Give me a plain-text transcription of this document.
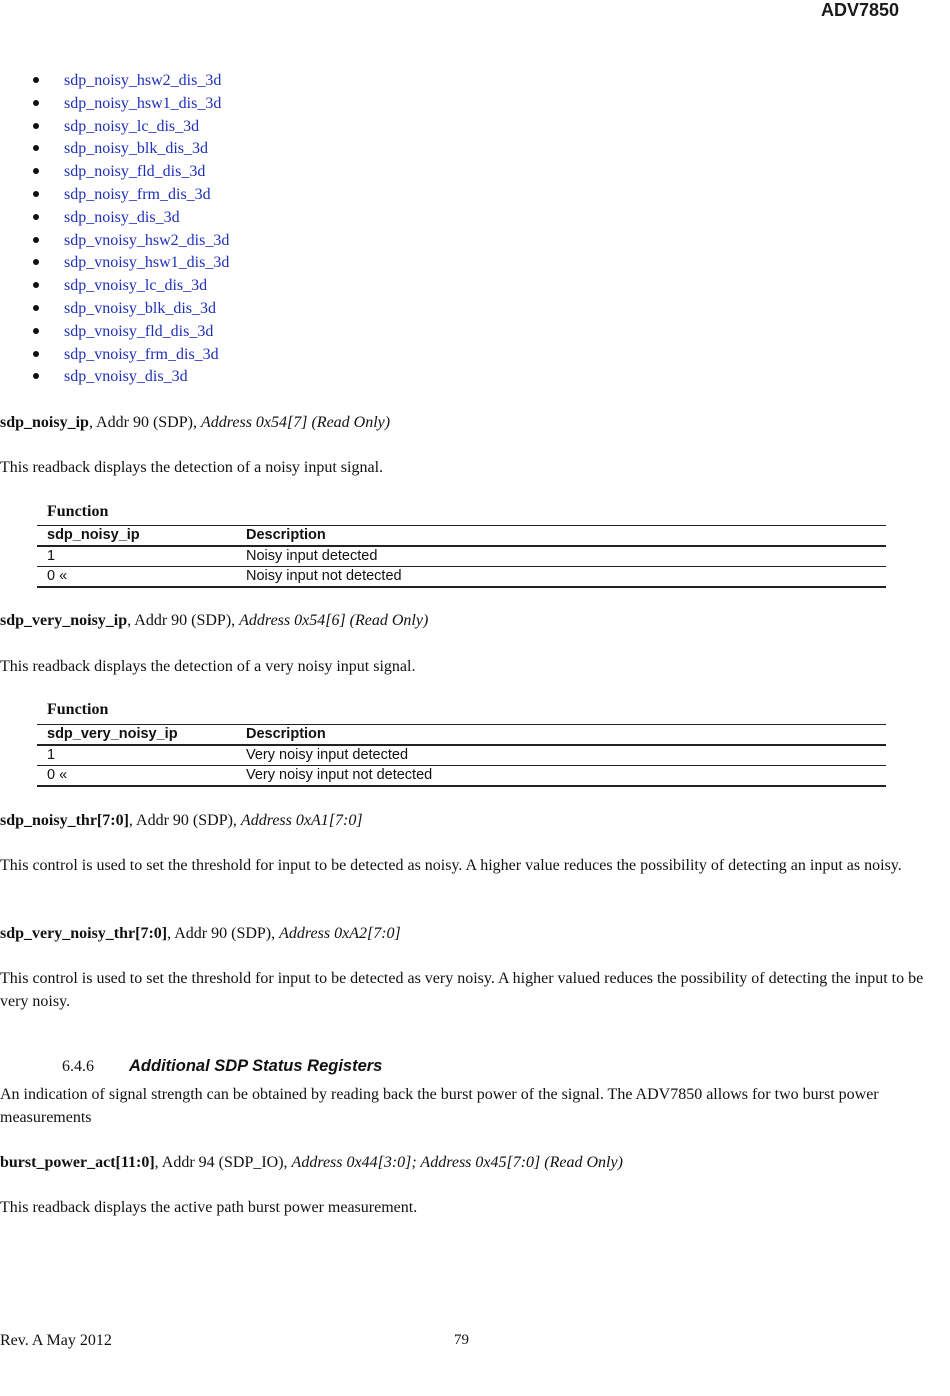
ADV7850
sdp_noisy_hsw2_dis_3d
sdp_noisy_hsw1_dis_3d
sdp_noisy_lc_dis_3d
sdp_noisy_blk_dis_3d
sdp_noisy_fld_dis_3d
sdp_noisy_frm_dis_3d
sdp_noisy_dis_3d
sdp_vnoisy_hsw2_dis_3d
sdp_vnoisy_hsw1_dis_3d
sdp_vnoisy_lc_dis_3d
sdp_vnoisy_blk_dis_3d
sdp_vnoisy_fld_dis_3d
sdp_vnoisy_frm_dis_3d
sdp_vnoisy_dis_3d
sdp_noisy_ip, Addr 90 (SDP), Address 0x54[7] (Read Only)
This readback displays the detection of a noisy input signal.
Function
sdp_noisy_ip	Description
1	Noisy input detected
0 «	Noisy input not detected
sdp_very_noisy_ip, Addr 90 (SDP), Address 0x54[6] (Read Only)
This readback displays the detection of a very noisy input signal.
Function
sdp_very_noisy_ip	Description
1	Very noisy input detected
0 «	Very noisy input not detected
sdp_noisy_thr[7:0], Addr 90 (SDP), Address 0xA1[7:0]
This control is used to set the threshold for input to be detected as noisy. A higher value reduces the possibility of detecting an input as noisy.
sdp_very_noisy_thr[7:0], Addr 90 (SDP), Address 0xA2[7:0]
This control is used to set the threshold for input to be detected as very noisy. A higher valued reduces the possibility of detecting the input to be very noisy.
6.4.6 Additional SDP Status Registers
An indication of signal strength can be obtained by reading back the burst power of the signal. The ADV7850 allows for two burst power measurements
burst_power_act[11:0], Addr 94 (SDP_IO), Address 0x44[3:0]; Address 0x45[7:0] (Read Only)
This readback displays the active path burst power measurement.
Rev. A May 2012	79
